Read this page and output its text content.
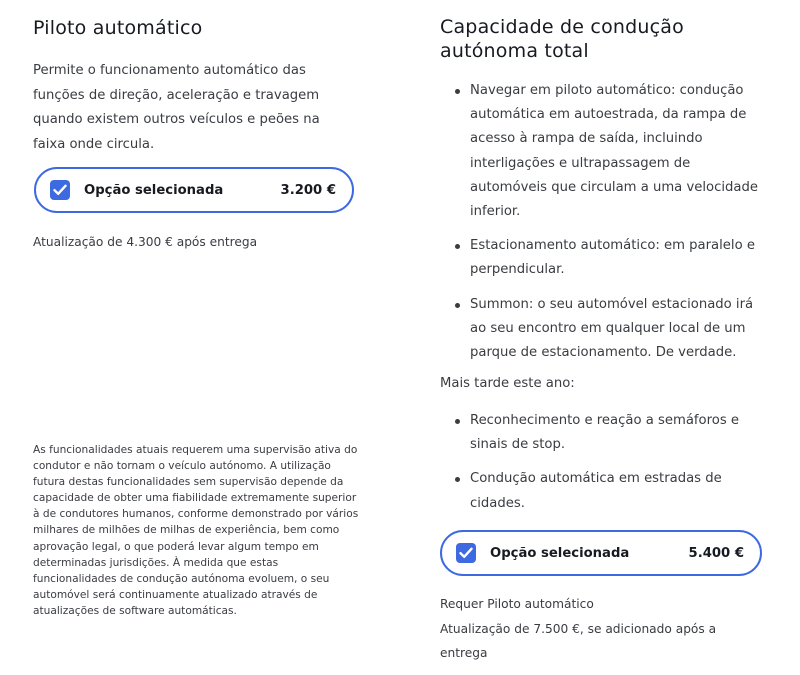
Piloto automático

Permite o funcionamento automático das funções de direção, aceleração e travagem quando existem outros veículos e peões na faixa onde circula.

Opção selecionada	3.200 €

Atualização de 4.300 € após entrega

As funcionalidades atuais requerem uma supervisão ativa do condutor e não tornam o veículo autónomo. A utilização futura destas funcionalidades sem supervisão depende da capacidade de obter uma fiabilidade extremamente superior à de condutores humanos, conforme demonstrado por vários milhares de milhões de milhas de experiência, bem como aprovação legal, o que poderá levar algum tempo em determinadas jurisdições. À medida que estas funcionalidades de condução autónoma evoluem, o seu automóvel será continuamente atualizado através de atualizações de software automáticas.

Capacidade de condução autónoma total
Navegar em piloto automático: condução automática em autoestrada, da rampa de acesso à rampa de saída, incluindo interligações e ultrapassagem de automóveis que circulam a uma velocidade inferior.
Estacionamento automático: em paralelo e perpendicular.
Summon: o seu automóvel estacionado irá ao seu encontro em qualquer local de um parque de estacionamento. De verdade.

Mais tarde este ano:

Reconhecimento e reação a semáforos e sinais de stop.
Condução automática em estradas de cidades.
Opção selecionada	5.400 €
Requer Piloto automático
Atualização de 7.500 €, se adicionado após a entrega
